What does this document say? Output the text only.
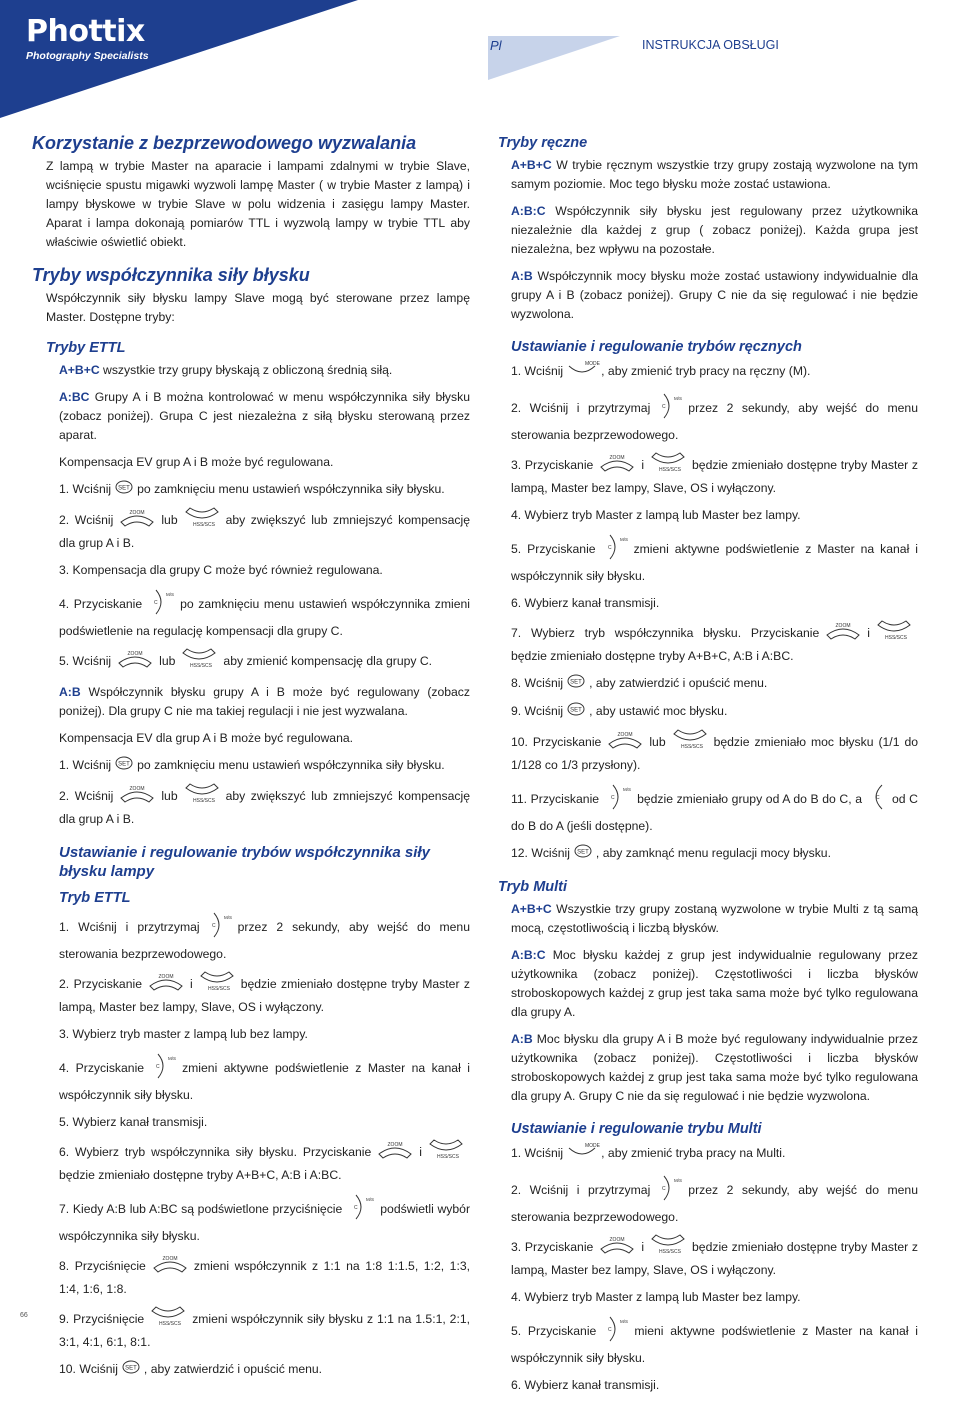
Phottix
Photography Specialists
Pl	INSTRUKCJA OBSŁUGI
Korzystanie z bezprzewodowego wyzwalania

Z lampą w trybie Master na aparacie i lampami zdalnymi w trybie Slave, wciśnięcie spustu migawki wyzwoli lampę Master ( w trybie Master z lampą) i lampy błyskowe w trybie Slave w polu widzenia i zasięgu lampy Master. Aparat i lampa dokonają pomiarów TTL i wyzwolą lampy w trybie TTL aby właściwie oświetlić obiekt.

Tryby współczynnika siły błysku

Współczynnik siły błysku lampy Slave mogą być sterowane przez lampę Master. Dostępne tryby:

Tryby ETTL

A+B+C wszystkie trzy grupy błyskają z obliczoną średnią siłą.

A:BC Grupy A i B można kontrolować w menu współczynnika siły błysku (zobacz poniżej). Grupa C jest niezależna z siłą błysku sterowaną przez aparat.

Kompensacja EV grup A i B może być regulowana.

1. Wciśnij SET po zamknięciu menu ustawień współczynnika siły błysku.

2. Wciśnij
ZOOM
lub	HSS/SCS aby zwiększyć lub zmniejszyć kompensację dla grup A i B.

3. Kompensacja dla grupy C może być również regulowana.

4. Przyciskanie C
M/S
po zamknięciu menu ustawień współczynnika zmieni podświetlenie na regulację kompensacji dla grupy C.

5. Wciśnij
ZOOM
lub	HSS/SCS aby zmienić kompensację dla grupy C.

A:B Współczynnik błysku grupy A i B może być regulowany (zobacz poniżej). Dla grupy C nie ma takiej regulacji i nie jest wyzwalana.

Kompensacja EV dla grup A i B może być regulowana.

1. Wciśnij SET po zamknięciu menu ustawień współczynnika siły błysku.

2. Wciśnij
ZOOM
lub	HSS/SCS aby zwiększyć lub zmniejszyć kompensację dla grup A i B.

Ustawianie i regulowanie trybów współczynnika siły błysku lampy
Tryb ETTL

1. Wciśnij i przytrzymaj C
M/S
przez 2 sekundy, aby wejść do menu sterowania bezprzewodowego.

2. Przyciskanie
ZOOM
i	HSS/SCS będzie zmieniało dostępne tryby Master z lampą, Master bez lampy, Slave, OS i wyłączony.

3. Wybierz tryb master z lampą lub bez lampy.

4. Przyciskanie C
M/S
zmieni aktywne podświetlenie z Master na kanał i współczynnik siły błysku.

5. Wybierz kanał transmisji.

6. Wybierz tryb współczynnika siły błysku. Przyciskanie
ZOOM
i	HSS/SCS
będzie zmieniało dostępne tryby A+B+C, A:B i A:BC.

7. Kiedy A:B lub A:BC są podświetlone przyciśnięcie C
M/S
podświetli wybór współczynnika siły błysku.

8. Przyciśnięcie
ZOOM
zmieni współczynnik z 1:1 na 1:8 1:1.5, 1:2, 1:3, 1:4, 1:6, 1:8.

9. Przyciśnięcie	HSS/SCS zmieni współczynnik siły błysku z 1:1 na 1.5:1, 2:1, 3:1, 4:1, 6:1, 8:1.

10. Wciśnij SET , aby zatwierdzić i opuścić menu.

Tryby ręczne

A+B+C W trybie ręcznym wszystkie trzy grupy zostają wyzwolone na tym samym poziomie. Moc tego błysku może zostać ustawiona.

A:B:C Współczynnik siły błysku jest regulowany przez użytkownika niezależnie dla każdej z grup ( zobacz poniżej). Każda grupa jest niezależna, bez wpływu na pozostałe.

A:B Współczynnik mocy błysku może zostać ustawiony indywidualnie dla grupy A i B (zobacz poniżej). Grupy C nie da się regulować i nie będzie wyzwolona.

Ustawianie i regulowanie trybów ręcznych

1. Wciśnij
MODE
, aby zmienić tryb pracy na ręczny (M).

2. Wciśnij i przytrzymaj C
M/S
przez 2 sekundy, aby wejść do menu sterowania bezprzewodowego.

3. Przyciskanie
ZOOM
i	HSS/SCS będzie zmieniało dostępne tryby Master z lampą, Master bez lampy, Slave, OS i wyłączony.

4. Wybierz tryb Master z lampą lub Master bez lampy.

5. Przyciskanie C
M/S
zmieni aktywne podświetlenie z Master na kanał i współczynnik siły błysku.

6. Wybierz kanał transmisji.

7. Wybierz tryb współczynnika błysku. Przyciskanie
ZOOM
i	HSS/SCS
będzie zmieniało dostępne tryby A+B+C, A:B i A:BC.

8. Wciśnij SET , aby zatwierdzić i opuścić menu.

9. Wciśnij SET , aby ustawić moc błysku.

10. Przyciskanie
ZOOM
lub	HSS/SCS będzie zmieniało moc błysku (1/1 do 1/128 co 1/3 przysłony).

11. Przyciskanie C
M/S
będzie zmieniało grupy od A do B do C, a	C od C do B do A (jeśli dostępne).

12. Wciśnij SET , aby zamknąć menu regulacji mocy błysku.

Tryb Multi

A+B+C Wszystkie trzy grupy zostaną wyzwolone w trybie Multi z tą samą mocą, częstotliwością i liczbą błysków.

A:B:C Moc błysku każdej z grup jest indywidualnie regulowany przez użytkownika (zobacz poniżej). Częstotliwości i liczba błysków stroboskopowych każdej z grup jest taka sama może być tylko regulowana dla grupy A.

A:B Moc błysku dla grupy A i B może być regulowany indywidualnie przez użytkownika (zobacz poniżej). Częstotliwości i liczba błysków stroboskopowych każdej z grup jest taka sama może być tylko regulowana dla grupy A. Grupy C nie da się regulować i nie będzie wyzwolona.

Ustawianie i regulowanie trybu Multi

1. Wciśnij
MODE
, aby zmienić tryba pracy na Multi.

2. Wciśnij i przytrzymaj C
M/S
przez 2 sekundy, aby wejść do menu sterowania bezprzewodowego.

3. Przyciskanie
ZOOM
i	HSS/SCS będzie zmieniało dostępne tryby Master z lampą, Master bez lampy, Slave, OS i wyłączony.

4. Wybierz tryb Master z lampą lub Master bez lampy.

5. Przyciskanie C
M/S
mieni aktywne podświetlenie z Master na kanał i współczynnik siły błysku.

6. Wybierz kanał transmisji.

66
